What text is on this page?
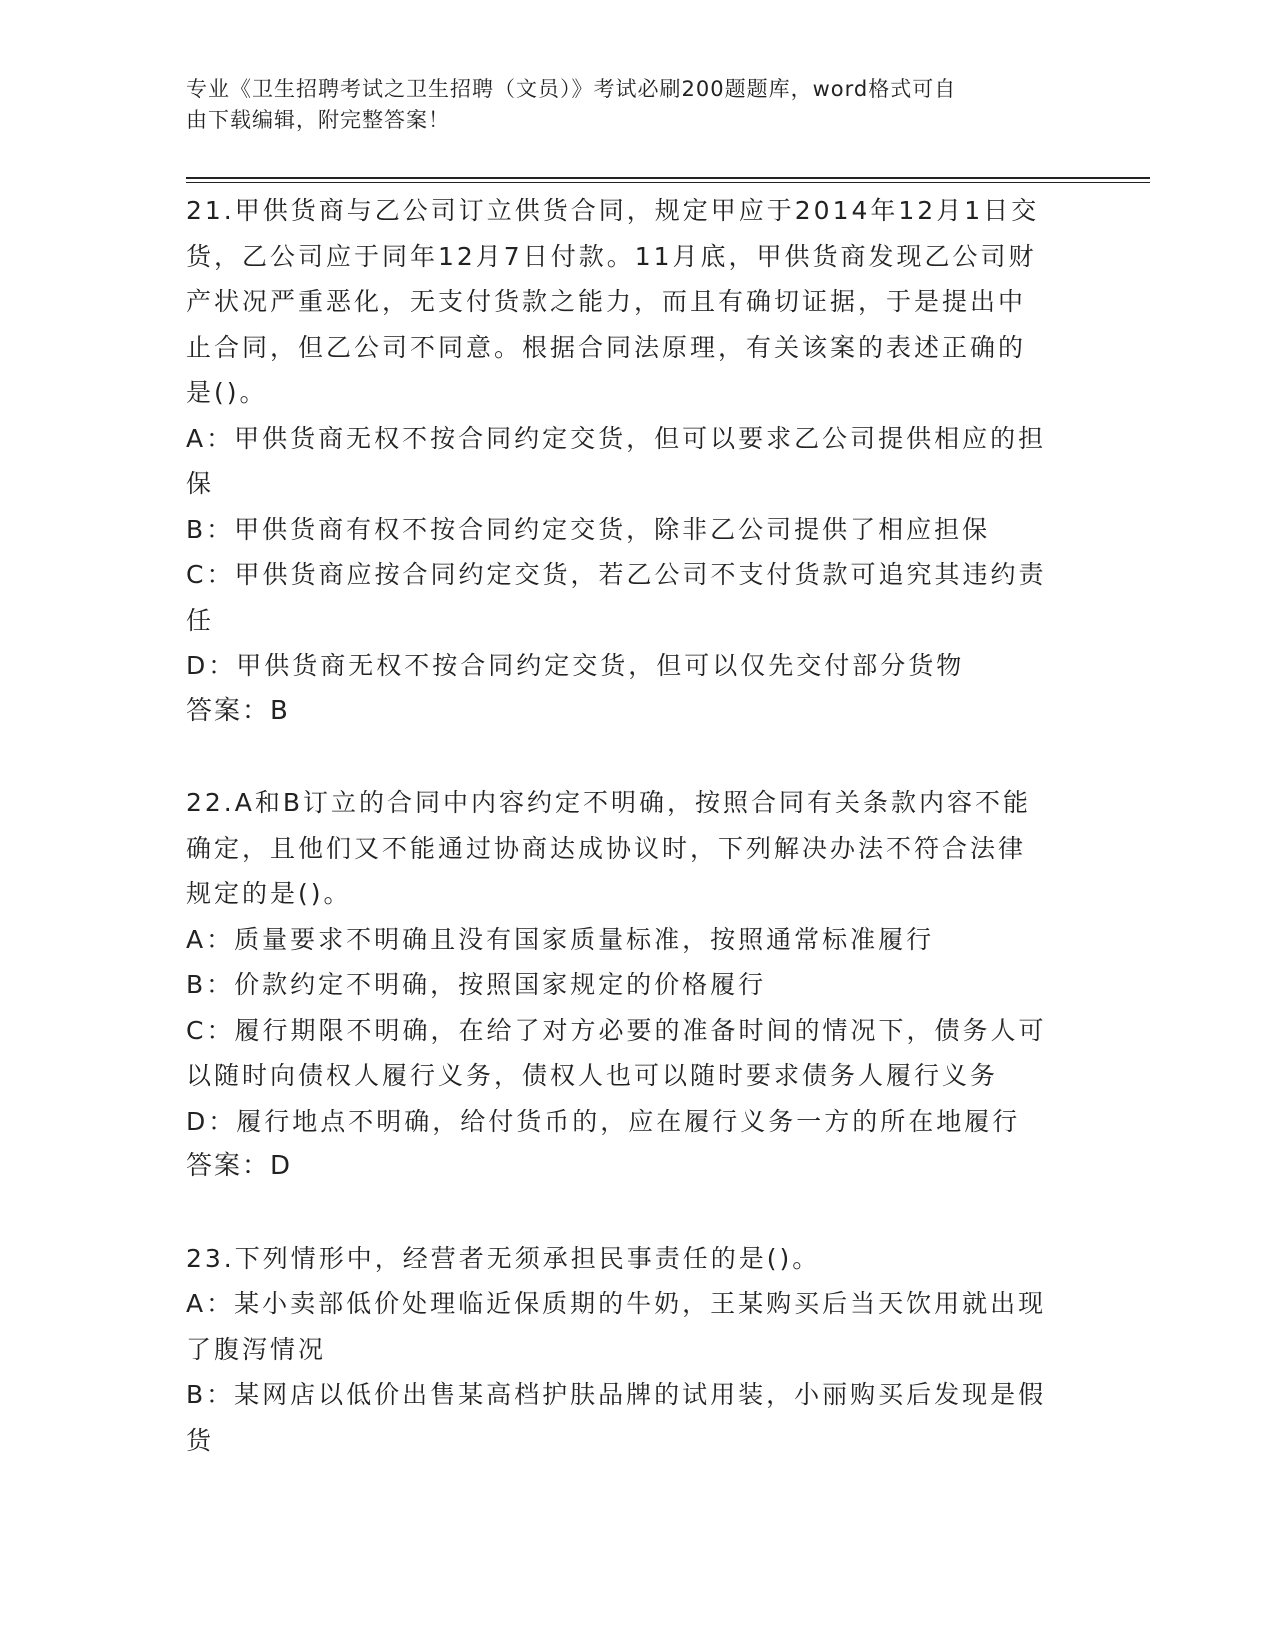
专业《卫生招聘考试之卫生招聘（文员）》考试必刷200题题库，word格式可自
由下载编辑，附完整答案！
21.甲供货商与乙公司订立供货合同，规定甲应于2014年12月1日交
货，乙公司应于同年12月7日付款。11月底，甲供货商发现乙公司财
产状况严重恶化，无支付货款之能力，而且有确切证据，于是提出中
止合同，但乙公司不同意。根据合同法原理，有关该案的表述正确的
是()。
A：甲供货商无权不按合同约定交货，但可以要求乙公司提供相应的担
保
B：甲供货商有权不按合同约定交货，除非乙公司提供了相应担保
C：甲供货商应按合同约定交货，若乙公司不支付货款可追究其违约责
任
D：甲供货商无权不按合同约定交货，但可以仅先交付部分货物
答案：B
22.A和B订立的合同中内容约定不明确，按照合同有关条款内容不能
确定，且他们又不能通过协商达成协议时，下列解决办法不符合法律
规定的是()。
A：质量要求不明确且没有国家质量标准，按照通常标准履行
B：价款约定不明确，按照国家规定的价格履行
C：履行期限不明确，在给了对方必要的准备时间的情况下，债务人可
以随时向债权人履行义务，债权人也可以随时要求债务人履行义务
D：履行地点不明确，给付货币的，应在履行义务一方的所在地履行
答案：D
23.下列情形中，经营者无须承担民事责任的是()。
A：某小卖部低价处理临近保质期的牛奶，王某购买后当天饮用就出现
了腹泻情况
B：某网店以低价出售某高档护肤品牌的试用装，小丽购买后发现是假
货
